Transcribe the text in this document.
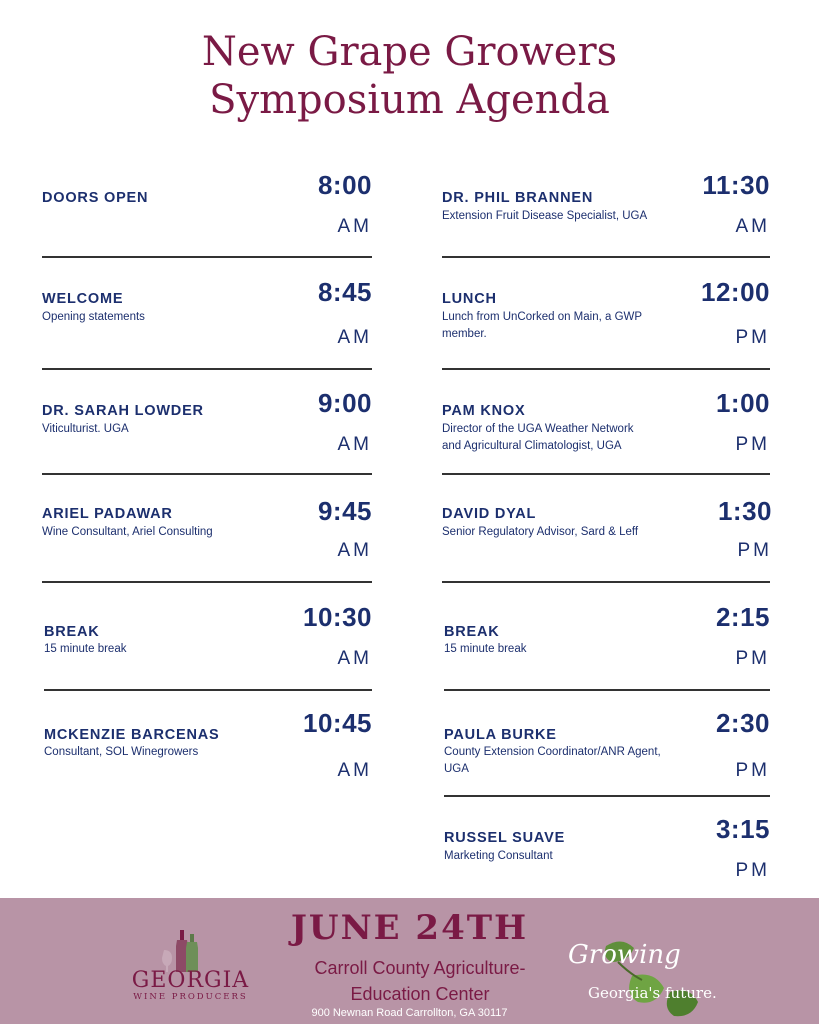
New Grape Growers
Symposium Agenda
DOORS OPEN	8:00
AM
WELCOME
Opening statements
8:45
AM
DR. SARAH LOWDER
Viticulturist. UGA
9:00
AM
ARIEL PADAWAR
Wine Consultant, Ariel Consulting
9:45
AM
BREAK
15 minute break
10:30
AM
MCKENZIE BARCENAS
Consultant, SOL Winegrowers
10:45
AM
DR. PHIL BRANNEN
Extension Fruit Disease Specialist, UGA
11:30
AM
LUNCH
Lunch from UnCorked on Main, a GWP member.
12:00
PM
PAM KNOX
Director of the UGA Weather Network and Agricultural Climatologist, UGA
1:00
PM
DAVID DYAL
Senior Regulatory Advisor, Sard & Leff
1:30
PM
BREAK
15 minute break
2:15
PM
PAULA BURKE
County Extension Coordinator/ANR Agent, UGA
2:30
PM
RUSSEL SUAVE
Marketing Consultant
3:15
PM
GEORGIA
WINE PRODUCERS
JUNE 24TH
Carroll County Agriculture-
Education Center
900 Newnan Road Carrollton, GA 30117
Growing
Georgia's future.
